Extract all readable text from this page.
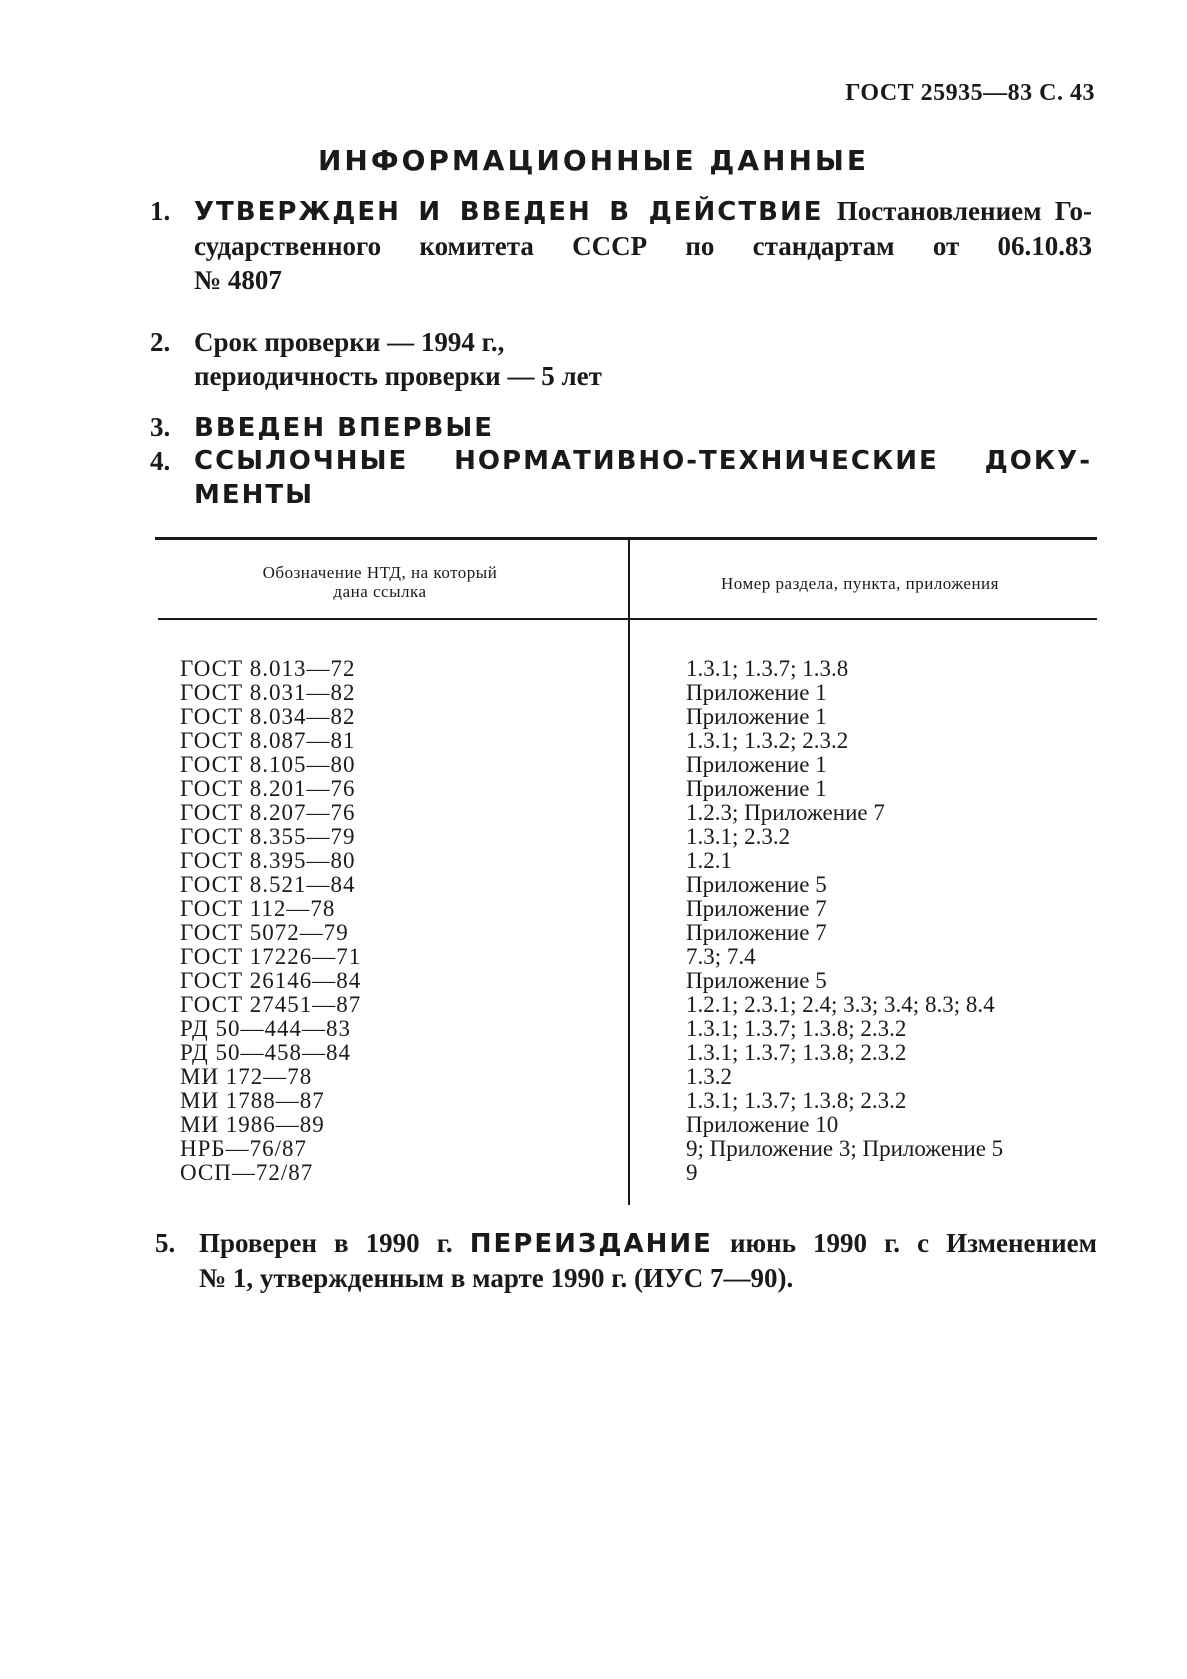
ГОСТ 25935—83 С. 43
ИНФОРМАЦИОННЫЕ ДАННЫЕ
1. УТВЕРЖДЕН И ВВЕДЕН В ДЕЙСТВИЕ Постановлением Го-
сударственного комитета СССР по стандартам от 06.10.83
№ 4807
2. Срок проверки — 1994 г.,
периодичность проверки — 5 лет
3. ВВЕДЕН ВПЕРВЫЕ
4. ССЫЛОЧНЫЕ НОРМАТИВНО-ТЕХНИЧЕСКИЕ ДОКУ-
МЕНТЫ
Обозначение НТД, на который
дана ссылка	Номер раздела, пункта, приложения
ГОСТ 8.013—72	1.3.1; 1.3.7; 1.3.8
ГОСТ 8.031—82	Приложение 1
ГОСТ 8.034—82	Приложение 1
ГОСТ 8.087—81	1.3.1; 1.3.2; 2.3.2
ГОСТ 8.105—80	Приложение 1
ГОСТ 8.201—76	Приложение 1
ГОСТ 8.207—76	1.2.3; Приложение 7
ГОСТ 8.355—79	1.3.1; 2.3.2
ГОСТ 8.395—80	1.2.1
ГОСТ 8.521—84	Приложение 5
ГОСТ 112—78	Приложение 7
ГОСТ 5072—79	Приложение 7
ГОСТ 17226—71	7.3; 7.4
ГОСТ 26146—84	Приложение 5
ГОСТ 27451—87	1.2.1; 2.3.1; 2.4; 3.3; 3.4; 8.3; 8.4
РД 50—444—83	1.3.1; 1.3.7; 1.3.8; 2.3.2
РД 50—458—84	1.3.1; 1.3.7; 1.3.8; 2.3.2
МИ 172—78	1.3.2
МИ 1788—87	1.3.1; 1.3.7; 1.3.8; 2.3.2
МИ 1986—89	Приложение 10
НРБ—76/87	9; Приложение 3; Приложение 5
ОСП—72/87	9
5. Проверен в 1990 г. ПЕРЕИЗДАНИЕ июнь 1990 г. с Изменением
№ 1, утвержденным в марте 1990 г. (ИУС 7—90).
